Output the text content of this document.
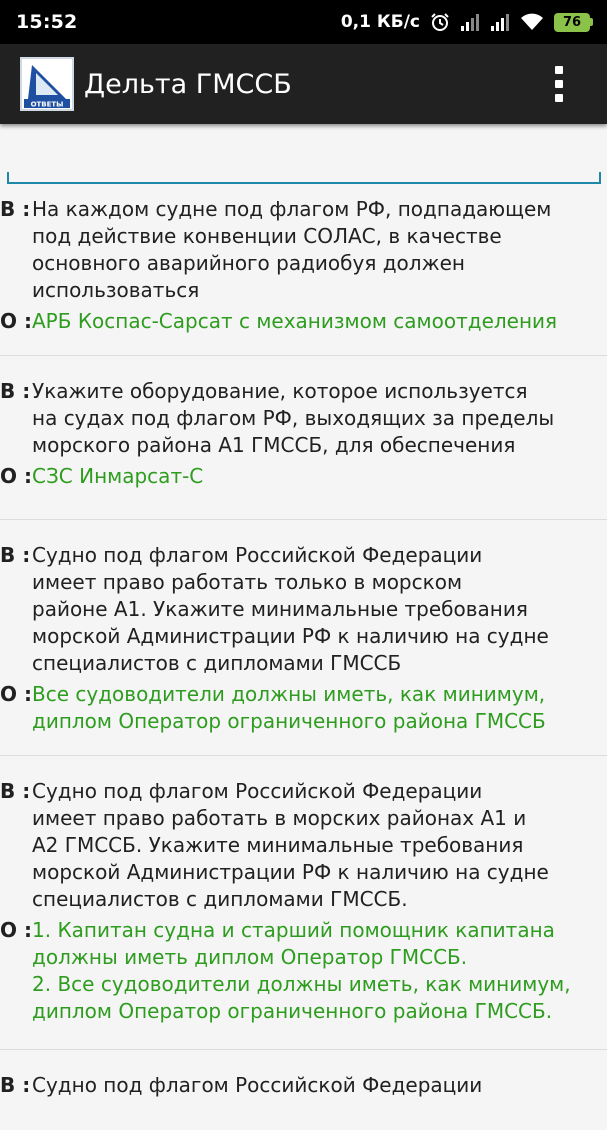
15:52	0,1 КБ/с	76
ОТВЕТЫ
Дельта ГМССБ
В : На каждом судне под флагом РФ, подпадающем
под действие конвенции СОЛАС, в качестве
основного аварийного радиобуя должен
использоваться
О : АРБ Коспас-Сарсат с механизмом самоотделения
В : Укажите оборудование, которое используется
на судах под флагом РФ, выходящих за пределы
морского района А1 ГМССБ, для обеспечения
О : СЗС Инмарсат-С
В : Судно под флагом Российской Федерации
имеет право работать только в морском
районе А1. Укажите минимальные требования
морской Администрации РФ к наличию на судне
специалистов с дипломами ГМССБ
О : Все судоводители должны иметь, как минимум,
диплом Оператор ограниченного района ГМССБ
В : Судно под флагом Российской Федерации
имеет право работать в морских районах А1 и
А2 ГМССБ. Укажите минимальные требования
морской Администрации РФ к наличию на судне
специалистов с дипломами ГМССБ.
О : 1. Капитан судна и старший помощник капитана
должны иметь диплом Оператор ГМССБ.
2. Все судоводители должны иметь, как минимум,
диплом Оператор ограниченного района ГМССБ.
В : Судно под флагом Российской Федерации
